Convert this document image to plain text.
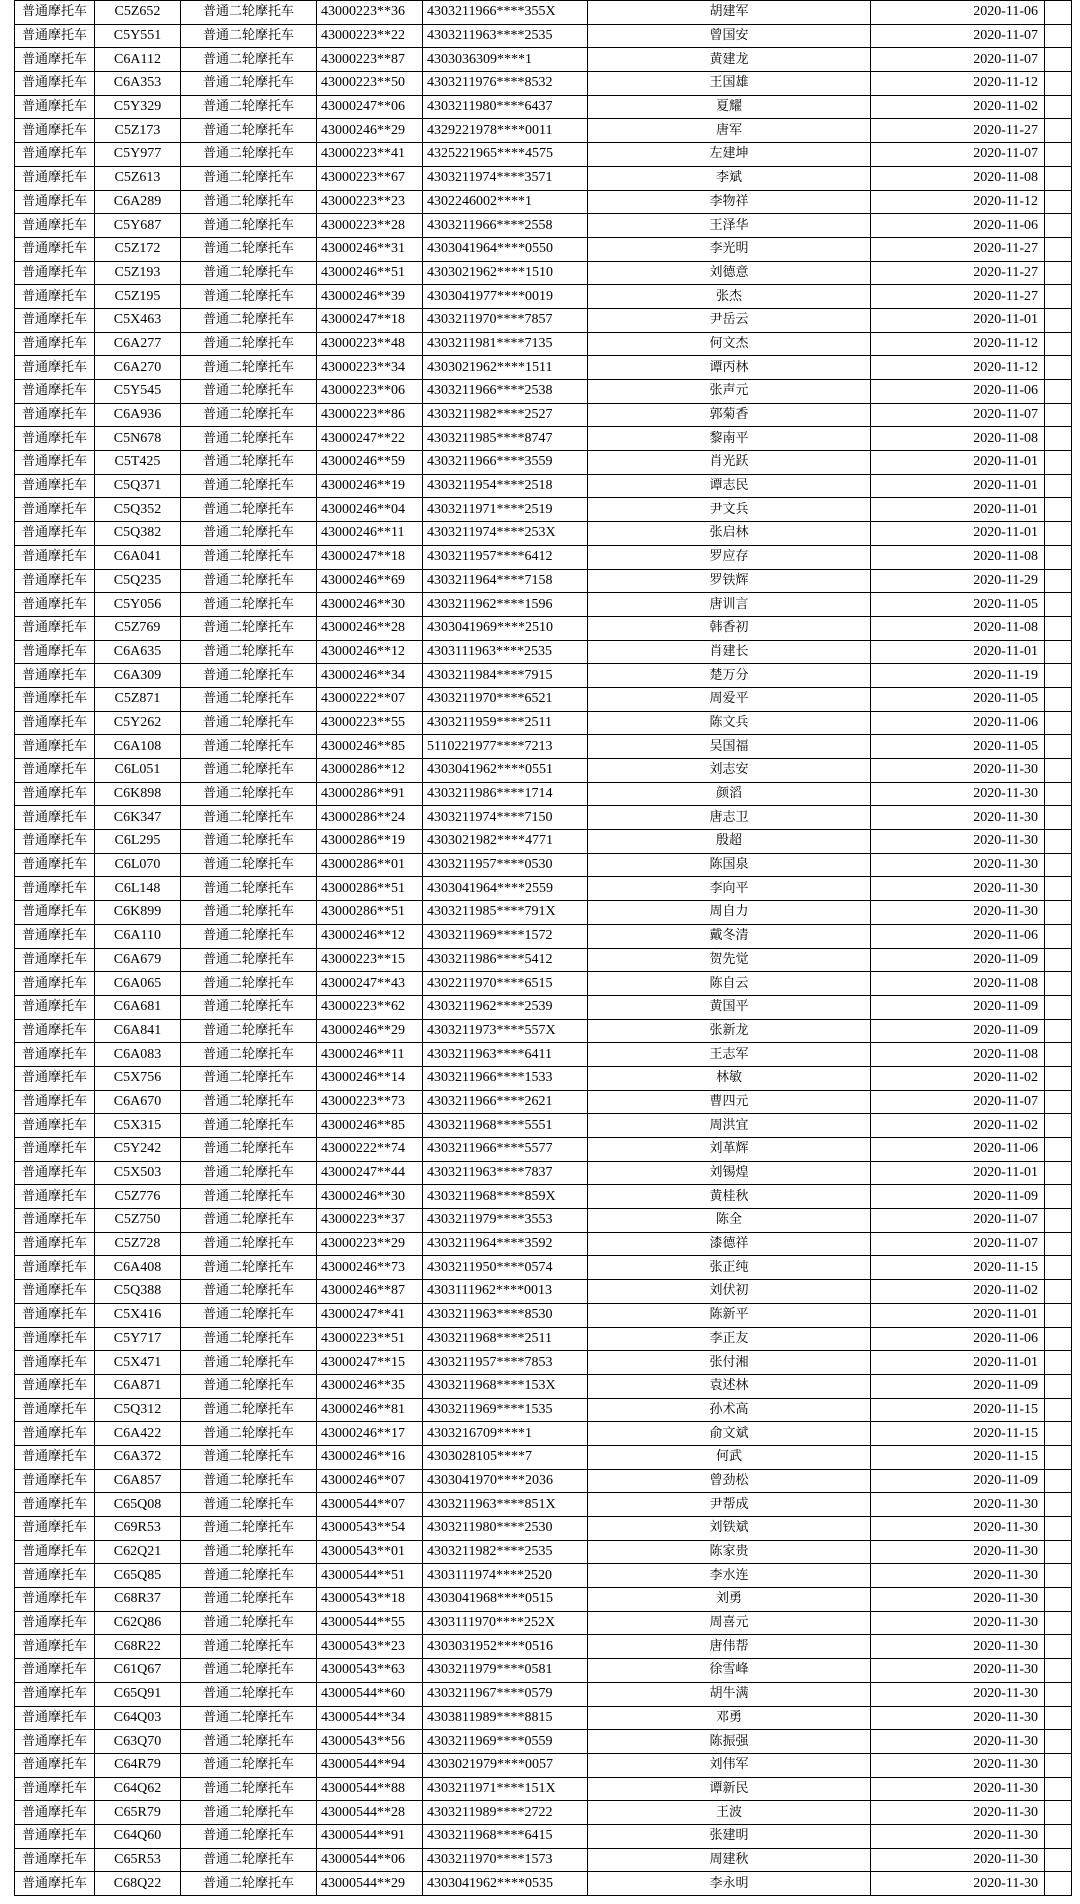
普通摩托车	C5Z652	普通二轮摩托车	43000223**36	4303211966****355X	胡建军	2020-11-06	
普通摩托车	C5Y551	普通二轮摩托车	43000223**22	4303211963****2535	曾国安	2020-11-07	
普通摩托车	C6A112	普通二轮摩托车	43000223**87	4303036309****1	黄建龙	2020-11-07	
普通摩托车	C6A353	普通二轮摩托车	43000223**50	4303211976****8532	王国雄	2020-11-12	
普通摩托车	C5Y329	普通二轮摩托车	43000247**06	4303211980****6437	夏耀	2020-11-02	
普通摩托车	C5Z173	普通二轮摩托车	43000246**29	4329221978****0011	唐军	2020-11-27	
普通摩托车	C5Y977	普通二轮摩托车	43000223**41	4325221965****4575	左建坤	2020-11-07	
普通摩托车	C5Z613	普通二轮摩托车	43000223**67	4303211974****3571	李斌	2020-11-08	
普通摩托车	C6A289	普通二轮摩托车	43000223**23	4302246002****1	李物祥	2020-11-12	
普通摩托车	C5Y687	普通二轮摩托车	43000223**28	4303211966****2558	王泽华	2020-11-06	
普通摩托车	C5Z172	普通二轮摩托车	43000246**31	4303041964****0550	李光明	2020-11-27	
普通摩托车	C5Z193	普通二轮摩托车	43000246**51	4303021962****1510	刘德意	2020-11-27	
普通摩托车	C5Z195	普通二轮摩托车	43000246**39	4303041977****0019	张杰	2020-11-27	
普通摩托车	C5X463	普通二轮摩托车	43000247**18	4303211970****7857	尹岳云	2020-11-01	
普通摩托车	C6A277	普通二轮摩托车	43000223**48	4303211981****7135	何文杰	2020-11-12	
普通摩托车	C6A270	普通二轮摩托车	43000223**34	4303021962****1511	谭丙林	2020-11-12	
普通摩托车	C5Y545	普通二轮摩托车	43000223**06	4303211966****2538	张声元	2020-11-06	
普通摩托车	C6A936	普通二轮摩托车	43000223**86	4303211982****2527	郭菊香	2020-11-07	
普通摩托车	C5N678	普通二轮摩托车	43000247**22	4303211985****8747	黎南平	2020-11-08	
普通摩托车	C5T425	普通二轮摩托车	43000246**59	4303211966****3559	肖光跃	2020-11-01	
普通摩托车	C5Q371	普通二轮摩托车	43000246**19	4303211954****2518	谭志民	2020-11-01	
普通摩托车	C5Q352	普通二轮摩托车	43000246**04	4303211971****2519	尹文兵	2020-11-01	
普通摩托车	C5Q382	普通二轮摩托车	43000246**11	4303211974****253X	张启林	2020-11-01	
普通摩托车	C6A041	普通二轮摩托车	43000247**18	4303211957****6412	罗应存	2020-11-08	
普通摩托车	C5Q235	普通二轮摩托车	43000246**69	4303211964****7158	罗铁辉	2020-11-29	
普通摩托车	C5Y056	普通二轮摩托车	43000246**30	4303211962****1596	唐训言	2020-11-05	
普通摩托车	C5Z769	普通二轮摩托车	43000246**28	4303041969****2510	韩香初	2020-11-08	
普通摩托车	C6A635	普通二轮摩托车	43000246**12	4303111963****2535	肖建长	2020-11-01	
普通摩托车	C6A309	普通二轮摩托车	43000246**34	4303211984****7915	楚万分	2020-11-19	
普通摩托车	C5Z871	普通二轮摩托车	43000222**07	4303211970****6521	周爱平	2020-11-05	
普通摩托车	C5Y262	普通二轮摩托车	43000223**55	4303211959****2511	陈文兵	2020-11-06	
普通摩托车	C6A108	普通二轮摩托车	43000246**85	5110221977****7213	吴国福	2020-11-05	
普通摩托车	C6L051	普通二轮摩托车	43000286**12	4303041962****0551	刘志安	2020-11-30	
普通摩托车	C6K898	普通二轮摩托车	43000286**91	4303211986****1714	颜滔	2020-11-30	
普通摩托车	C6K347	普通二轮摩托车	43000286**24	4303211974****7150	唐志卫	2020-11-30	
普通摩托车	C6L295	普通二轮摩托车	43000286**19	4303021982****4771	殷超	2020-11-30	
普通摩托车	C6L070	普通二轮摩托车	43000286**01	4303211957****0530	陈国泉	2020-11-30	
普通摩托车	C6L148	普通二轮摩托车	43000286**51	4303041964****2559	李向平	2020-11-30	
普通摩托车	C6K899	普通二轮摩托车	43000286**51	4303211985****791X	周自力	2020-11-30	
普通摩托车	C6A110	普通二轮摩托车	43000246**12	4303211969****1572	戴冬清	2020-11-06	
普通摩托车	C6A679	普通二轮摩托车	43000223**15	4303211986****5412	贺先觉	2020-11-09	
普通摩托车	C6A065	普通二轮摩托车	43000247**43	4302211970****6515	陈自云	2020-11-08	
普通摩托车	C6A681	普通二轮摩托车	43000223**62	4303211962****2539	黄国平	2020-11-09	
普通摩托车	C6A841	普通二轮摩托车	43000246**29	4303211973****557X	张新龙	2020-11-09	
普通摩托车	C6A083	普通二轮摩托车	43000246**11	4303211963****6411	王志军	2020-11-08	
普通摩托车	C5X756	普通二轮摩托车	43000246**14	4303211966****1533	林敏	2020-11-02	
普通摩托车	C6A670	普通二轮摩托车	43000223**73	4303211966****2621	曹四元	2020-11-07	
普通摩托车	C5X315	普通二轮摩托车	43000246**85	4303211968****5551	周洪宜	2020-11-02	
普通摩托车	C5Y242	普通二轮摩托车	43000222**74	4303211966****5577	刘革辉	2020-11-06	
普通摩托车	C5X503	普通二轮摩托车	43000247**44	4303211963****7837	刘锡煌	2020-11-01	
普通摩托车	C5Z776	普通二轮摩托车	43000246**30	4303211968****859X	黄桂秋	2020-11-09	
普通摩托车	C5Z750	普通二轮摩托车	43000223**37	4303211979****3553	陈全	2020-11-07	
普通摩托车	C5Z728	普通二轮摩托车	43000223**29	4303211964****3592	漆德祥	2020-11-07	
普通摩托车	C6A408	普通二轮摩托车	43000246**73	4303211950****0574	张正纯	2020-11-15	
普通摩托车	C5Q388	普通二轮摩托车	43000246**87	4303111962****0013	刘伏初	2020-11-02	
普通摩托车	C5X416	普通二轮摩托车	43000247**41	4303211963****8530	陈新平	2020-11-01	
普通摩托车	C5Y717	普通二轮摩托车	43000223**51	4303211968****2511	李正友	2020-11-06	
普通摩托车	C5X471	普通二轮摩托车	43000247**15	4303211957****7853	张付湘	2020-11-01	
普通摩托车	C6A871	普通二轮摩托车	43000246**35	4303211968****153X	袁述林	2020-11-09	
普通摩托车	C5Q312	普通二轮摩托车	43000246**81	4303211969****1535	孙术高	2020-11-15	
普通摩托车	C6A422	普通二轮摩托车	43000246**17	4303216709****1	俞文斌	2020-11-15	
普通摩托车	C6A372	普通二轮摩托车	43000246**16	4303028105****7	何武	2020-11-15	
普通摩托车	C6A857	普通二轮摩托车	43000246**07	4303041970****2036	曾劲松	2020-11-09	
普通摩托车	C65Q08	普通二轮摩托车	43000544**07	4303211963****851X	尹帮成	2020-11-30	
普通摩托车	C69R53	普通二轮摩托车	43000543**54	4303211980****2530	刘铁斌	2020-11-30	
普通摩托车	C62Q21	普通二轮摩托车	43000543**01	4303211982****2535	陈家贵	2020-11-30	
普通摩托车	C65Q85	普通二轮摩托车	43000544**51	4303111974****2520	李水连	2020-11-30	
普通摩托车	C68R37	普通二轮摩托车	43000543**18	4303041968****0515	刘勇	2020-11-30	
普通摩托车	C62Q86	普通二轮摩托车	43000544**55	4303111970****252X	周喜元	2020-11-30	
普通摩托车	C68R22	普通二轮摩托车	43000543**23	4303031952****0516	唐伟帮	2020-11-30	
普通摩托车	C61Q67	普通二轮摩托车	43000543**63	4303211979****0581	徐雪峰	2020-11-30	
普通摩托车	C65Q91	普通二轮摩托车	43000544**60	4303211967****0579	胡牛满	2020-11-30	
普通摩托车	C64Q03	普通二轮摩托车	43000544**34	4303811989****8815	邓勇	2020-11-30	
普通摩托车	C63Q70	普通二轮摩托车	43000543**56	4303211969****0559	陈振强	2020-11-30	
普通摩托车	C64R79	普通二轮摩托车	43000544**94	4303021979****0057	刘伟军	2020-11-30	
普通摩托车	C64Q62	普通二轮摩托车	43000544**88	4303211971****151X	谭新民	2020-11-30	
普通摩托车	C65R79	普通二轮摩托车	43000544**28	4303211989****2722	王波	2020-11-30	
普通摩托车	C64Q60	普通二轮摩托车	43000544**91	4303211968****6415	张建明	2020-11-30	
普通摩托车	C65R53	普通二轮摩托车	43000544**06	4303211970****1573	周建秋	2020-11-30	
普通摩托车	C68Q22	普通二轮摩托车	43000544**29	4303041962****0535	李永明	2020-11-30	
